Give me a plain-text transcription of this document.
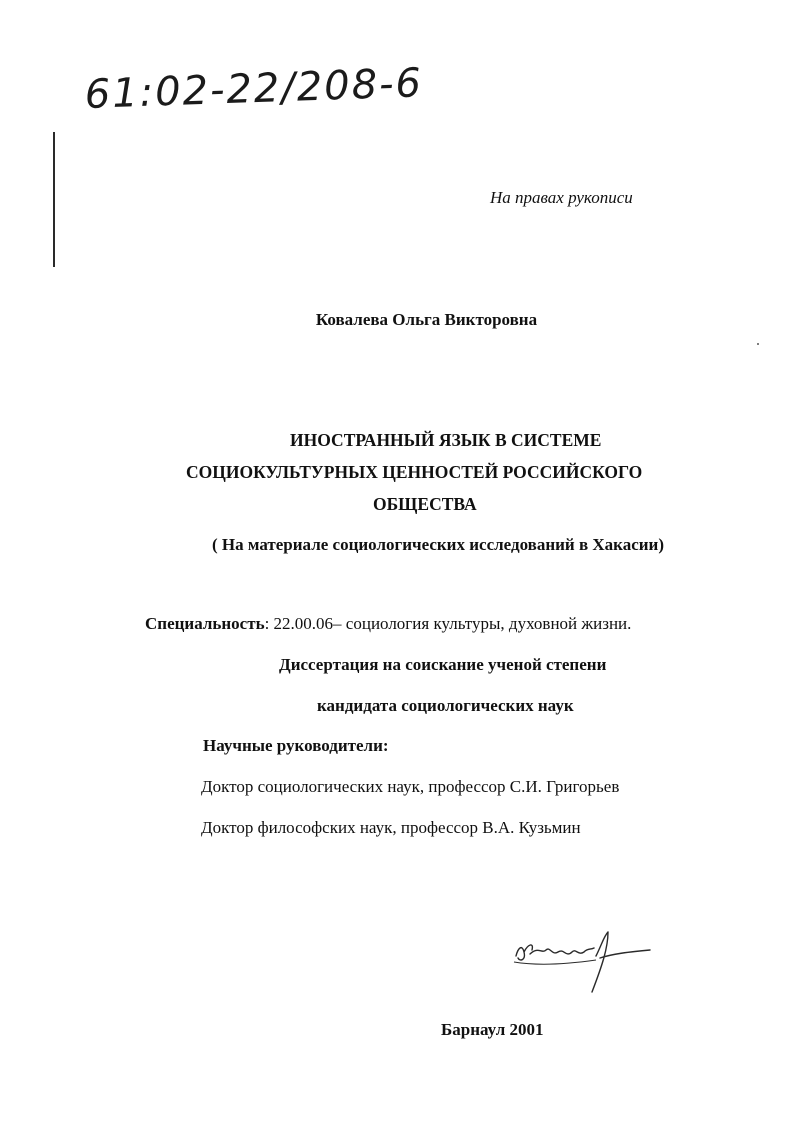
61:02-22/208-6
На правах рукописи
Ковалева Ольга Викторовна
ИНОСТРАННЫЙ ЯЗЫК В СИСТЕМЕ
СОЦИОКУЛЬТУРНЫХ ЦЕННОСТЕЙ РОССИЙСКОГО
ОБЩЕСТВА
( На материале социологических исследований в Хакасии)
Специальность: 22.00.06– социология культуры, духовной жизни.
Диссертация на соискание ученой степени
кандидата социологических наук
Научные руководители:
Доктор социологических наук, профессор С.И. Григорьев
Доктор философских наук, профессор В.А. Кузьмин
Барнаул 2001
